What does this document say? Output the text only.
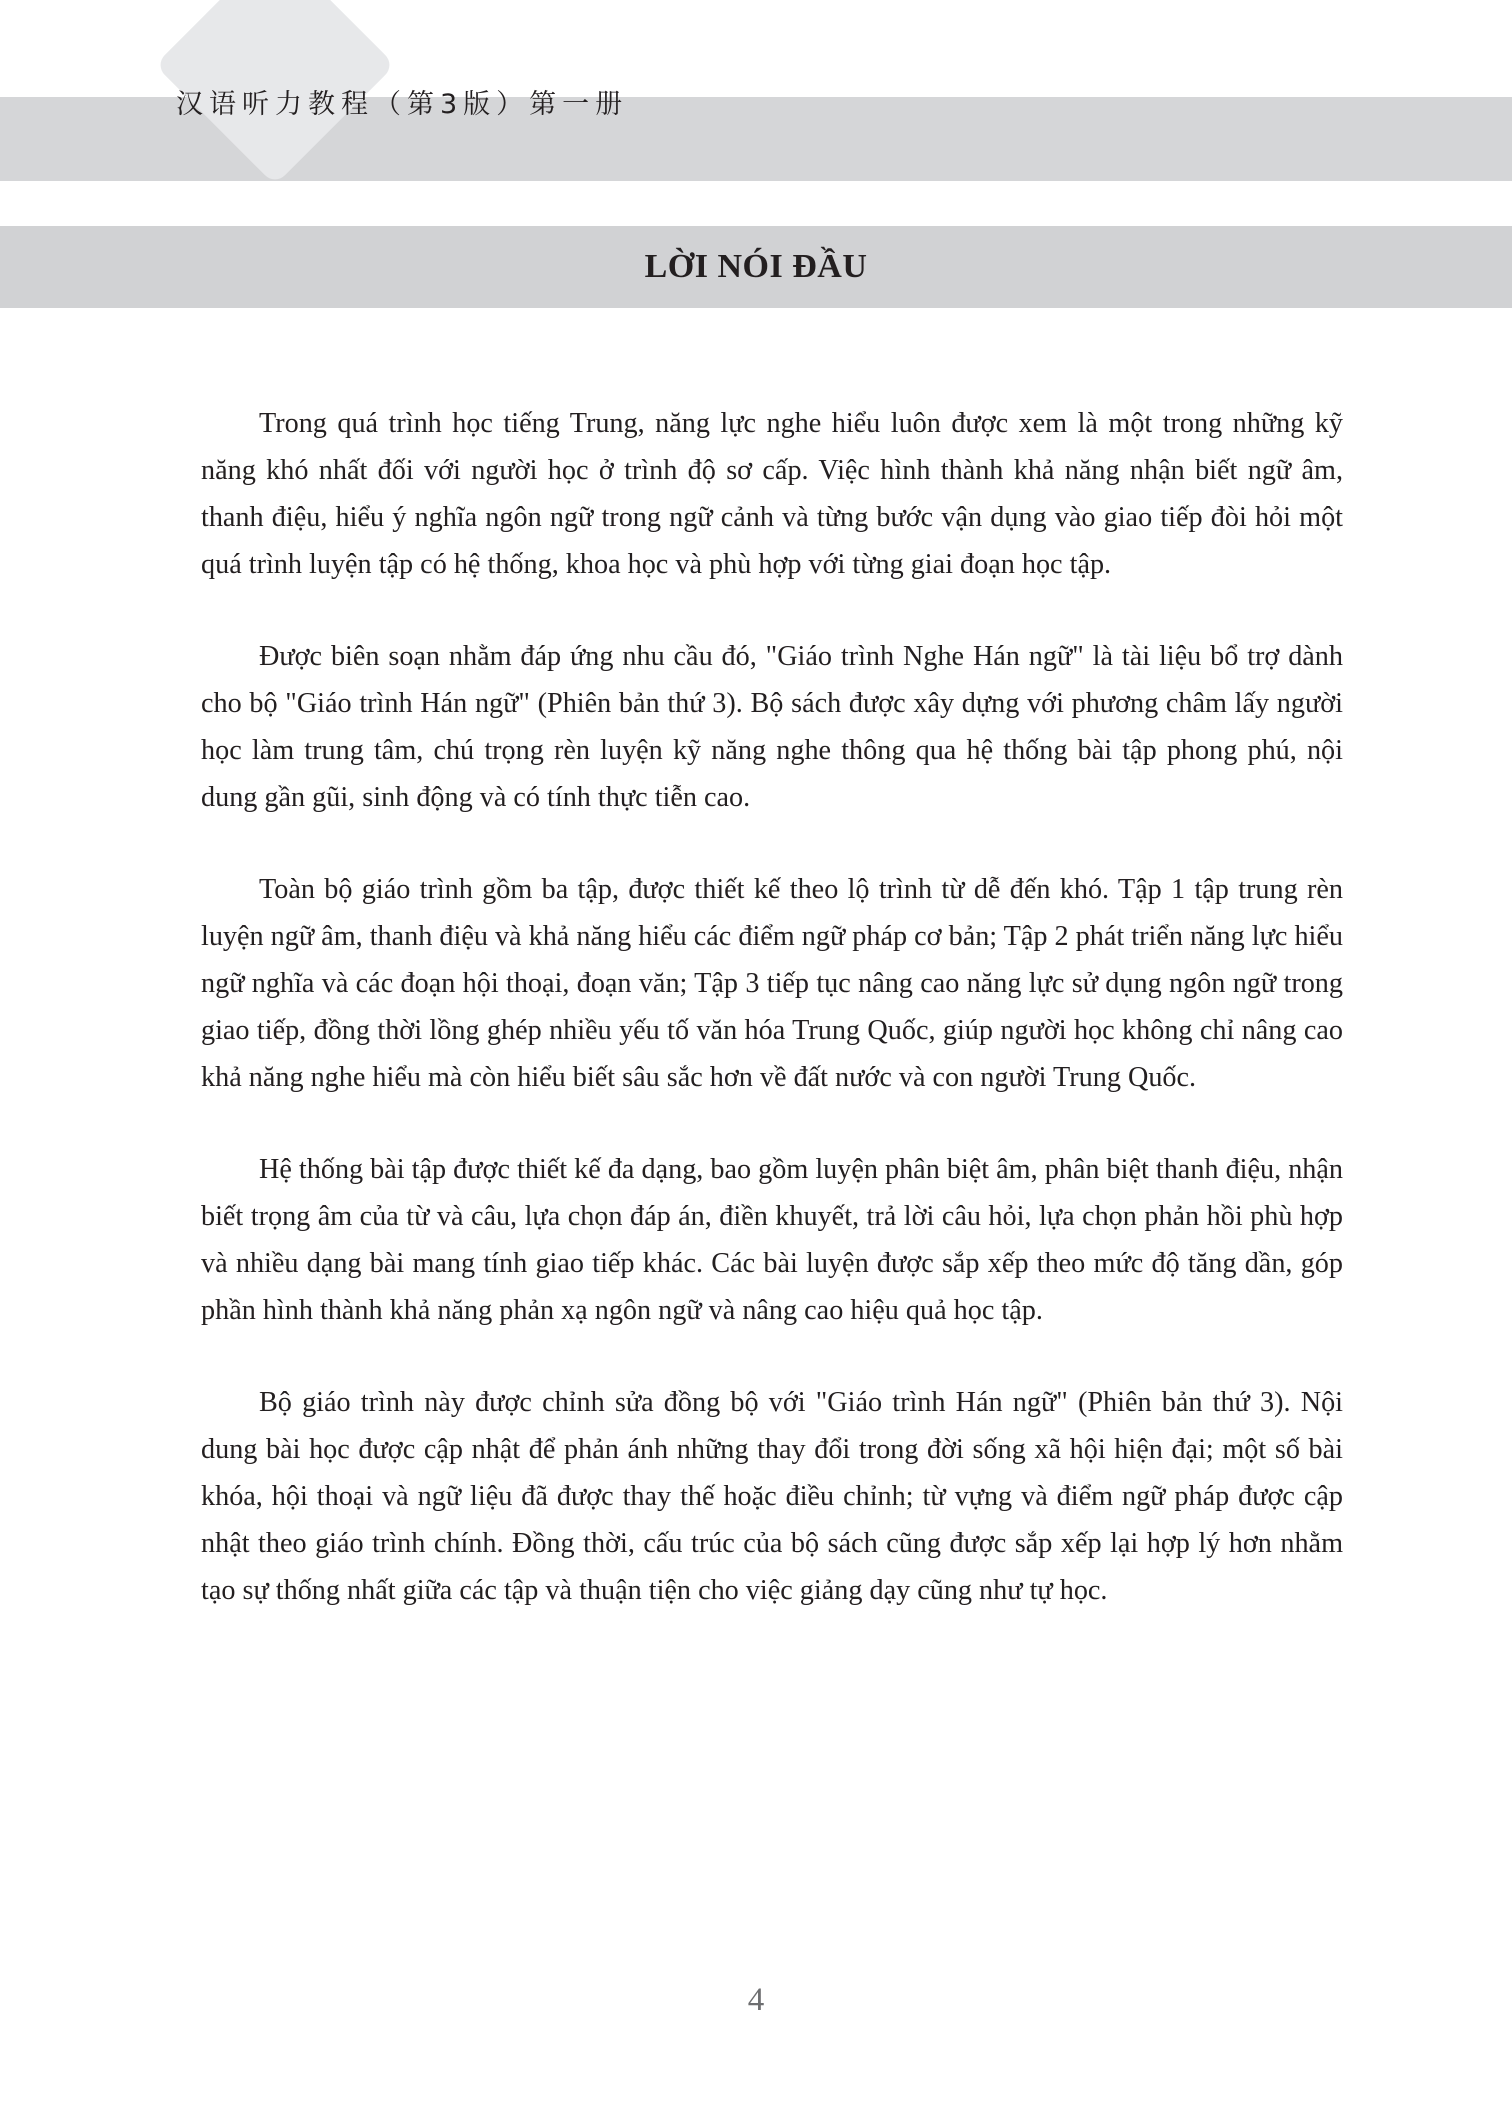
汉语听力教程（第3版）第一册
LỜI NÓI ĐẦU

Trong quá trình học tiếng Trung, năng lực nghe hiểu luôn được xem là một trong những kỹ năng khó nhất đối với người học ở trình độ sơ cấp. Việc hình thành khả năng nhận biết ngữ âm, thanh điệu, hiểu ý nghĩa ngôn ngữ trong ngữ cảnh và từng bước vận dụng vào giao tiếp đòi hỏi một quá trình luyện tập có hệ thống, khoa học và phù hợp với từng giai đoạn học tập.

Được biên soạn nhằm đáp ứng nhu cầu đó, "Giáo trình Nghe Hán ngữ" là tài liệu bổ trợ dành cho bộ "Giáo trình Hán ngữ" (Phiên bản thứ 3). Bộ sách được xây dựng với phương châm lấy người học làm trung tâm, chú trọng rèn luyện kỹ năng nghe thông qua hệ thống bài tập phong phú, nội dung gần gũi, sinh động và có tính thực tiễn cao.

Toàn bộ giáo trình gồm ba tập, được thiết kế theo lộ trình từ dễ đến khó. Tập 1 tập trung rèn luyện ngữ âm, thanh điệu và khả năng hiểu các điểm ngữ pháp cơ bản; Tập 2 phát triển năng lực hiểu ngữ nghĩa và các đoạn hội thoại, đoạn văn; Tập 3 tiếp tục nâng cao năng lực sử dụng ngôn ngữ trong giao tiếp, đồng thời lồng ghép nhiều yếu tố văn hóa Trung Quốc, giúp người học không chỉ nâng cao khả năng nghe hiểu mà còn hiểu biết sâu sắc hơn về đất nước và con người Trung Quốc.

Hệ thống bài tập được thiết kế đa dạng, bao gồm luyện phân biệt âm, phân biệt thanh điệu, nhận biết trọng âm của từ và câu, lựa chọn đáp án, điền khuyết, trả lời câu hỏi, lựa chọn phản hồi phù hợp và nhiều dạng bài mang tính giao tiếp khác. Các bài luyện được sắp xếp theo mức độ tăng dần, góp phần hình thành khả năng phản xạ ngôn ngữ và nâng cao hiệu quả học tập.

Bộ giáo trình này được chỉnh sửa đồng bộ với "Giáo trình Hán ngữ" (Phiên bản thứ 3). Nội dung bài học được cập nhật để phản ánh những thay đổi trong đời sống xã hội hiện đại; một số bài khóa, hội thoại và ngữ liệu đã được thay thế hoặc điều chỉnh; từ vựng và điểm ngữ pháp được cập nhật theo giáo trình chính. Đồng thời, cấu trúc của bộ sách cũng được sắp xếp lại hợp lý hơn nhằm tạo sự thống nhất giữa các tập và thuận tiện cho việc giảng dạy cũng như tự học.

4
